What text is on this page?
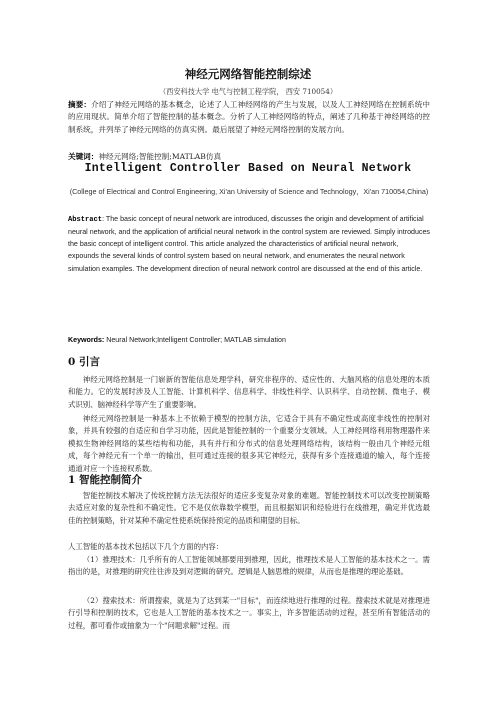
神经元网络智能控制综述
（西安科技大学 电气与控制工程学院， 西安 710054）
摘要：介绍了神经元网络的基本概念，论述了人工神经网络的产生与发展，以及人工神经网络在控制系统中的应用现状。简单介绍了智能控制的基本概念。分析了人工神经网络的特点，阐述了几种基于神经网络的控制系统，并列举了神经元网络的仿真实例。最后展望了神经元网络控制的发展方向。
关键词：神经元网络;智能控制;MATLAB仿真
Intelligent Controller Based on Neural Network
(College of Electrical and Control Engineering, Xi'an University of Science and Technology，Xi'an 710054,China)
Abstract: The basic concept of neural network are introduced, discusses the origin and development of artificial neural network, and the application of artificial neural network in the control system are reviewed. Simply introduces the basic concept of intelligent control. This article analyzed the characteristics of artificial neural network, expounds the several kinds of control system based on neural network, and enumerates the neural network simulation examples. The development direction of neural network control are discussed at the end of this article.
Keywords: Neural Network;Intelligent Controller; MATLAB simulation
0 引言
神经元网络控制是一门崭新的智能信息处理学科，研究非程序的、适应性的、大脑风格的信息处理的本质和能力。它的发展时涉及人工智能、计算机科学、信息科学、非线性科学、认识科学、自动控制、微电子、模式识别、脑神经科学等产生了重要影响。
神经元网络控制是一种基本上不依赖于模型的控制方法，它适合于具有不确定性或高度非线性的控制对象，并具有较强的自适应和自学习功能，因此是智能控制的一个重要分支领域。人工神经网络利用物理器件来模拟生物神经网络的某些结构和功能，具有并行和分布式的信息处理网络结构，该结构一般由几个神经元组成，每个神经元有一个单一的输出，但可通过连接的很多其它神经元，获得有多个连接通道的输入，每个连接通道对应一个连接权系数。
1 智能控制简介
智能控制技术解决了传统控制方法无法很好的适应多变复杂对象的难题。智能控制技术可以改变控制策略去适应对象的复杂性和不确定性。它不是仅依靠数学模型，而且根据知识和经验进行在线推理，确定并优选最佳的控制策略，针对某种不确定性使系统保持预定的品质和期望的目标。
人工智能的基本技术包括以下几个方面的内容：
（1）推理技术：几乎所有的人工智能领域都要用到推理，因此，推理技术是人工智能的基本技术之一。需指出的是，对推理的研究往往涉及到对逻辑的研究。逻辑是人脑思维的规律，从而也是推理的理论基础。
（2）搜索技术：所谓搜索，就是为了达到某一"目标"，而连续地进行推理的过程。搜索技术就是对推理进行引导和控制的技术，它也是人工智能的基本技术之一。事实上，许多智能活动的过程，甚至所有智能活动的过程，都可看作或抽象为一个"问题求解"过程。而
